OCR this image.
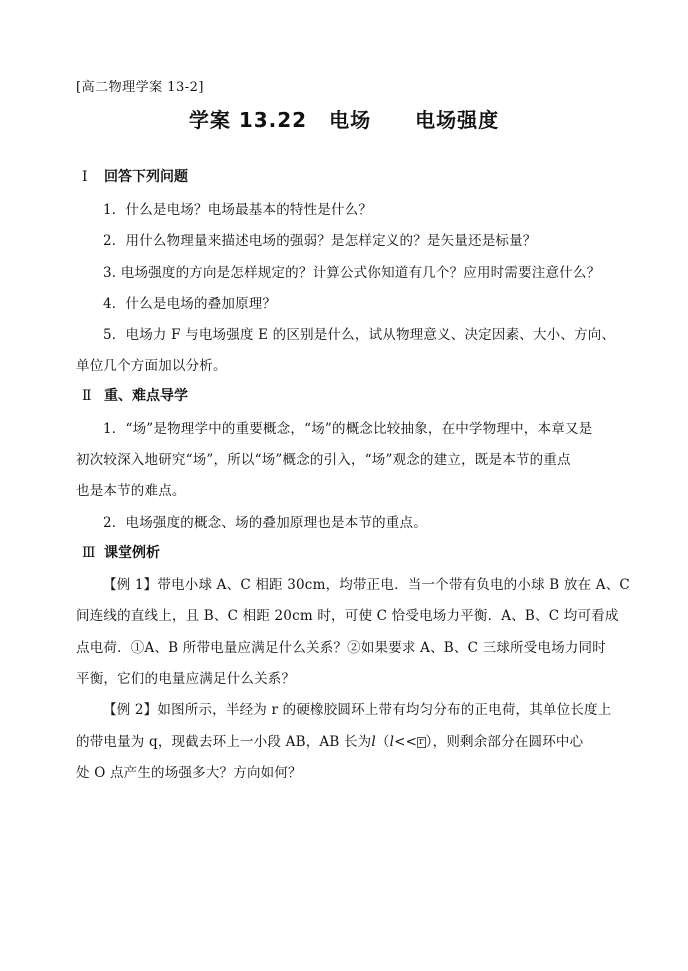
[高二物理学案 13-2]
学案 13.22 电场 电场强度
Ⅰ 回答下列问题
1．什么是电场？电场最基本的特性是什么？
2．用什么物理量来描述电场的强弱？是怎样定义的？是矢量还是标量？
3. 电场强度的方向是怎样规定的？计算公式你知道有几个？应用时需要注意什么？
4．什么是电场的叠加原理？
5．电场力 F 与电场强度 E 的区别是什么，试从物理意义、决定因素、大小、方向、
单位几个方面加以分析。
Ⅱ 重、难点导学
1．“场”是物理学中的重要概念，“场”的概念比较抽象，在中学物理中，本章又是
初次较深入地研究“场”，所以“场”概念的引入，“场”观念的建立，既是本节的重点
也是本节的难点。
2．电场强度的概念、场的叠加原理也是本节的重点。
Ⅲ 课堂例析
【例 1】带电小球 A、C 相距 30cm，均带正电．当一个带有负电的小球 B 放在 A、C
间连线的直线上，且 B、C 相距 20cm 时，可使 C 恰受电场力平衡．A、B、C 均可看成
点电荷．①A、B 所带电量应满足什么关系？②如果要求 A、B、C 三球所受电场力同时
平衡，它们的电量应满足什么关系？
【例 2】如图所示，半经为 r 的硬橡胶圆环上带有均匀分布的正电荷，其单位长度上
的带电量为 q，现截去环上一小段 AB，AB 长为l（l<< r ），则剩余部分在圆环中心
处 O 点产生的场强多大？方向如何？
